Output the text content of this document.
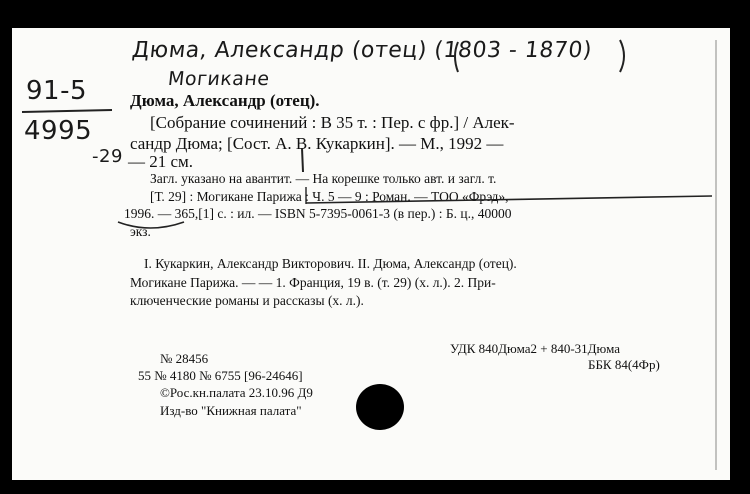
Дюма, Александр (отец) (1803 - 1870)
Могикане
91-5
4995
-29
Дюма, Александр (отец).
[Собрание сочинений : В 35 т. : Пер. с фр.] / Алек-
сандр Дюма; [Сост. А. В. Кукаркин]. — М., 1992 —
— 21 см.
Загл. указано на авантит. — На корешке только авт. и загл. т.
[Т. 29] : Могикане Парижа : Ч. 5 — 9 : Роман. — ТОО «Фрэд»,
1996. — 365,[1] с. : ил. — ISBN 5-7395-0061-3 (в пер.) : Б. ц., 40000
экз.
I. Кукаркин, Александр Викторович. II. Дюма, Александр (отец).
Могикане Парижа. — — 1. Франция, 19 в. (т. 29) (х. л.). 2. При-
ключенческие романы и рассказы (х. л.).
№ 28456
55 № 4180 № 6755 [96-24646]
©Рос.кн.палата 23.10.96 Д9
Изд-во "Книжная палата"
УДК 840Дюма2 + 840-31Дюма
ББК 84(4Фр)
